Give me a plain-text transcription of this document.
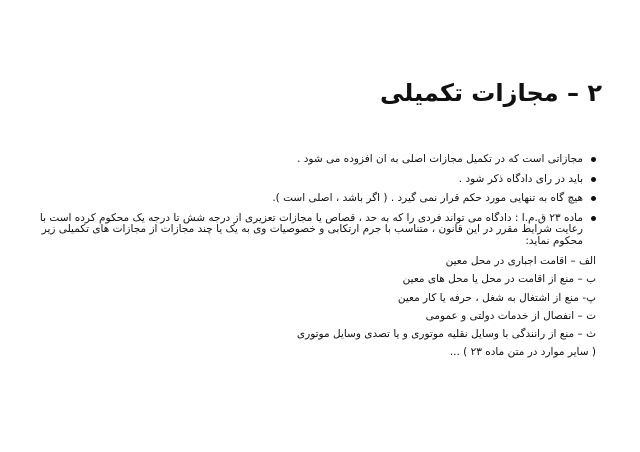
۲ – مجازات تکمیلی
مجازاتی است که در تکمیل مجازات اصلی به ان افزوده می شود .
باید در رای دادگاه ذکر شود .
هیچ گاه به تنهایی مورد حکم قرار نمی گیرد . ( اگر باشد ، اصلی است ).
ماده ۲۳ ق.م.ا : دادگاه می تواند فردی را که به حد ، قصاص یا مجازات تعزیری از درجه شش تا درجه یک محکوم کرده است با رعایت شرایط مقرر در این قانون ، متناسب با جرم ارتکابی و خصوصیات وی به یک یا چند مجازات از مجازات های تکمیلی زیر محکوم نماید:
الف – اقامت اجباری در محل معین
ب – منع از اقامت در محل یا محل های معین
پ- منع از اشتغال به شغل ، حرفه یا کار معین
ت – انفصال از خدمات دولتی و عمومی
ث – منع از رانندگی با وسایل نقلیه موتوری و یا تصدی وسایل موتوری
( سایر موارد در متن ماده ۲۳ ) ...
